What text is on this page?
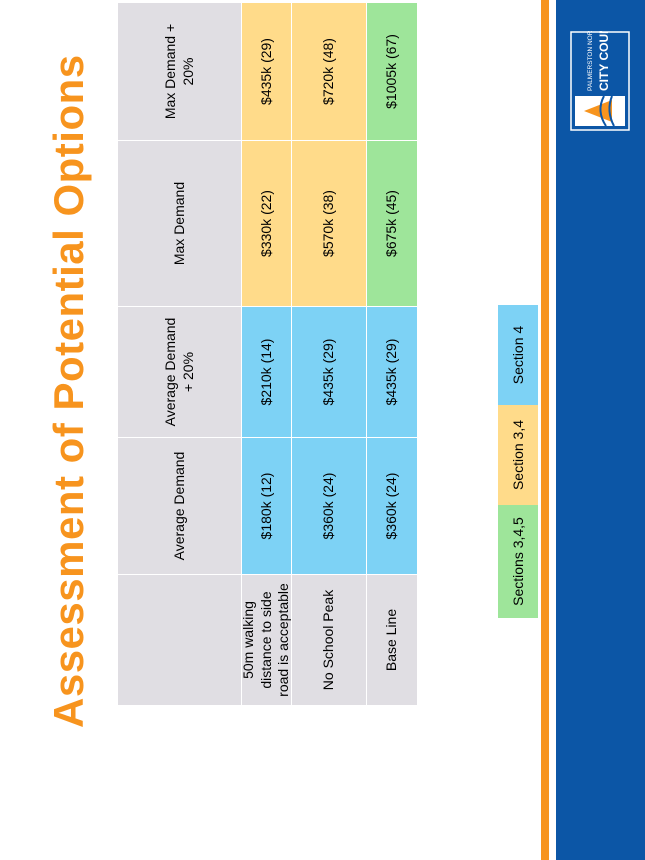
Assessment of Potential Options	Average Demand
Average Demand + 20%
Max Demand
Max Demand + 20%
50m walking distance to side road is acceptable
$180k (12)
$210k (14)
$330k (22)
$435k (29)
No School Peak
$360k (24)
$435k (29)
$570k (38)
$720k (48)
Base Line
$360k (24)
$435k (29)
$675k (45)
$1005k (67)
Sections 3,4,5
Section 3,4
Section 4
PALMERSTON NORTH CITY COUNCIL
